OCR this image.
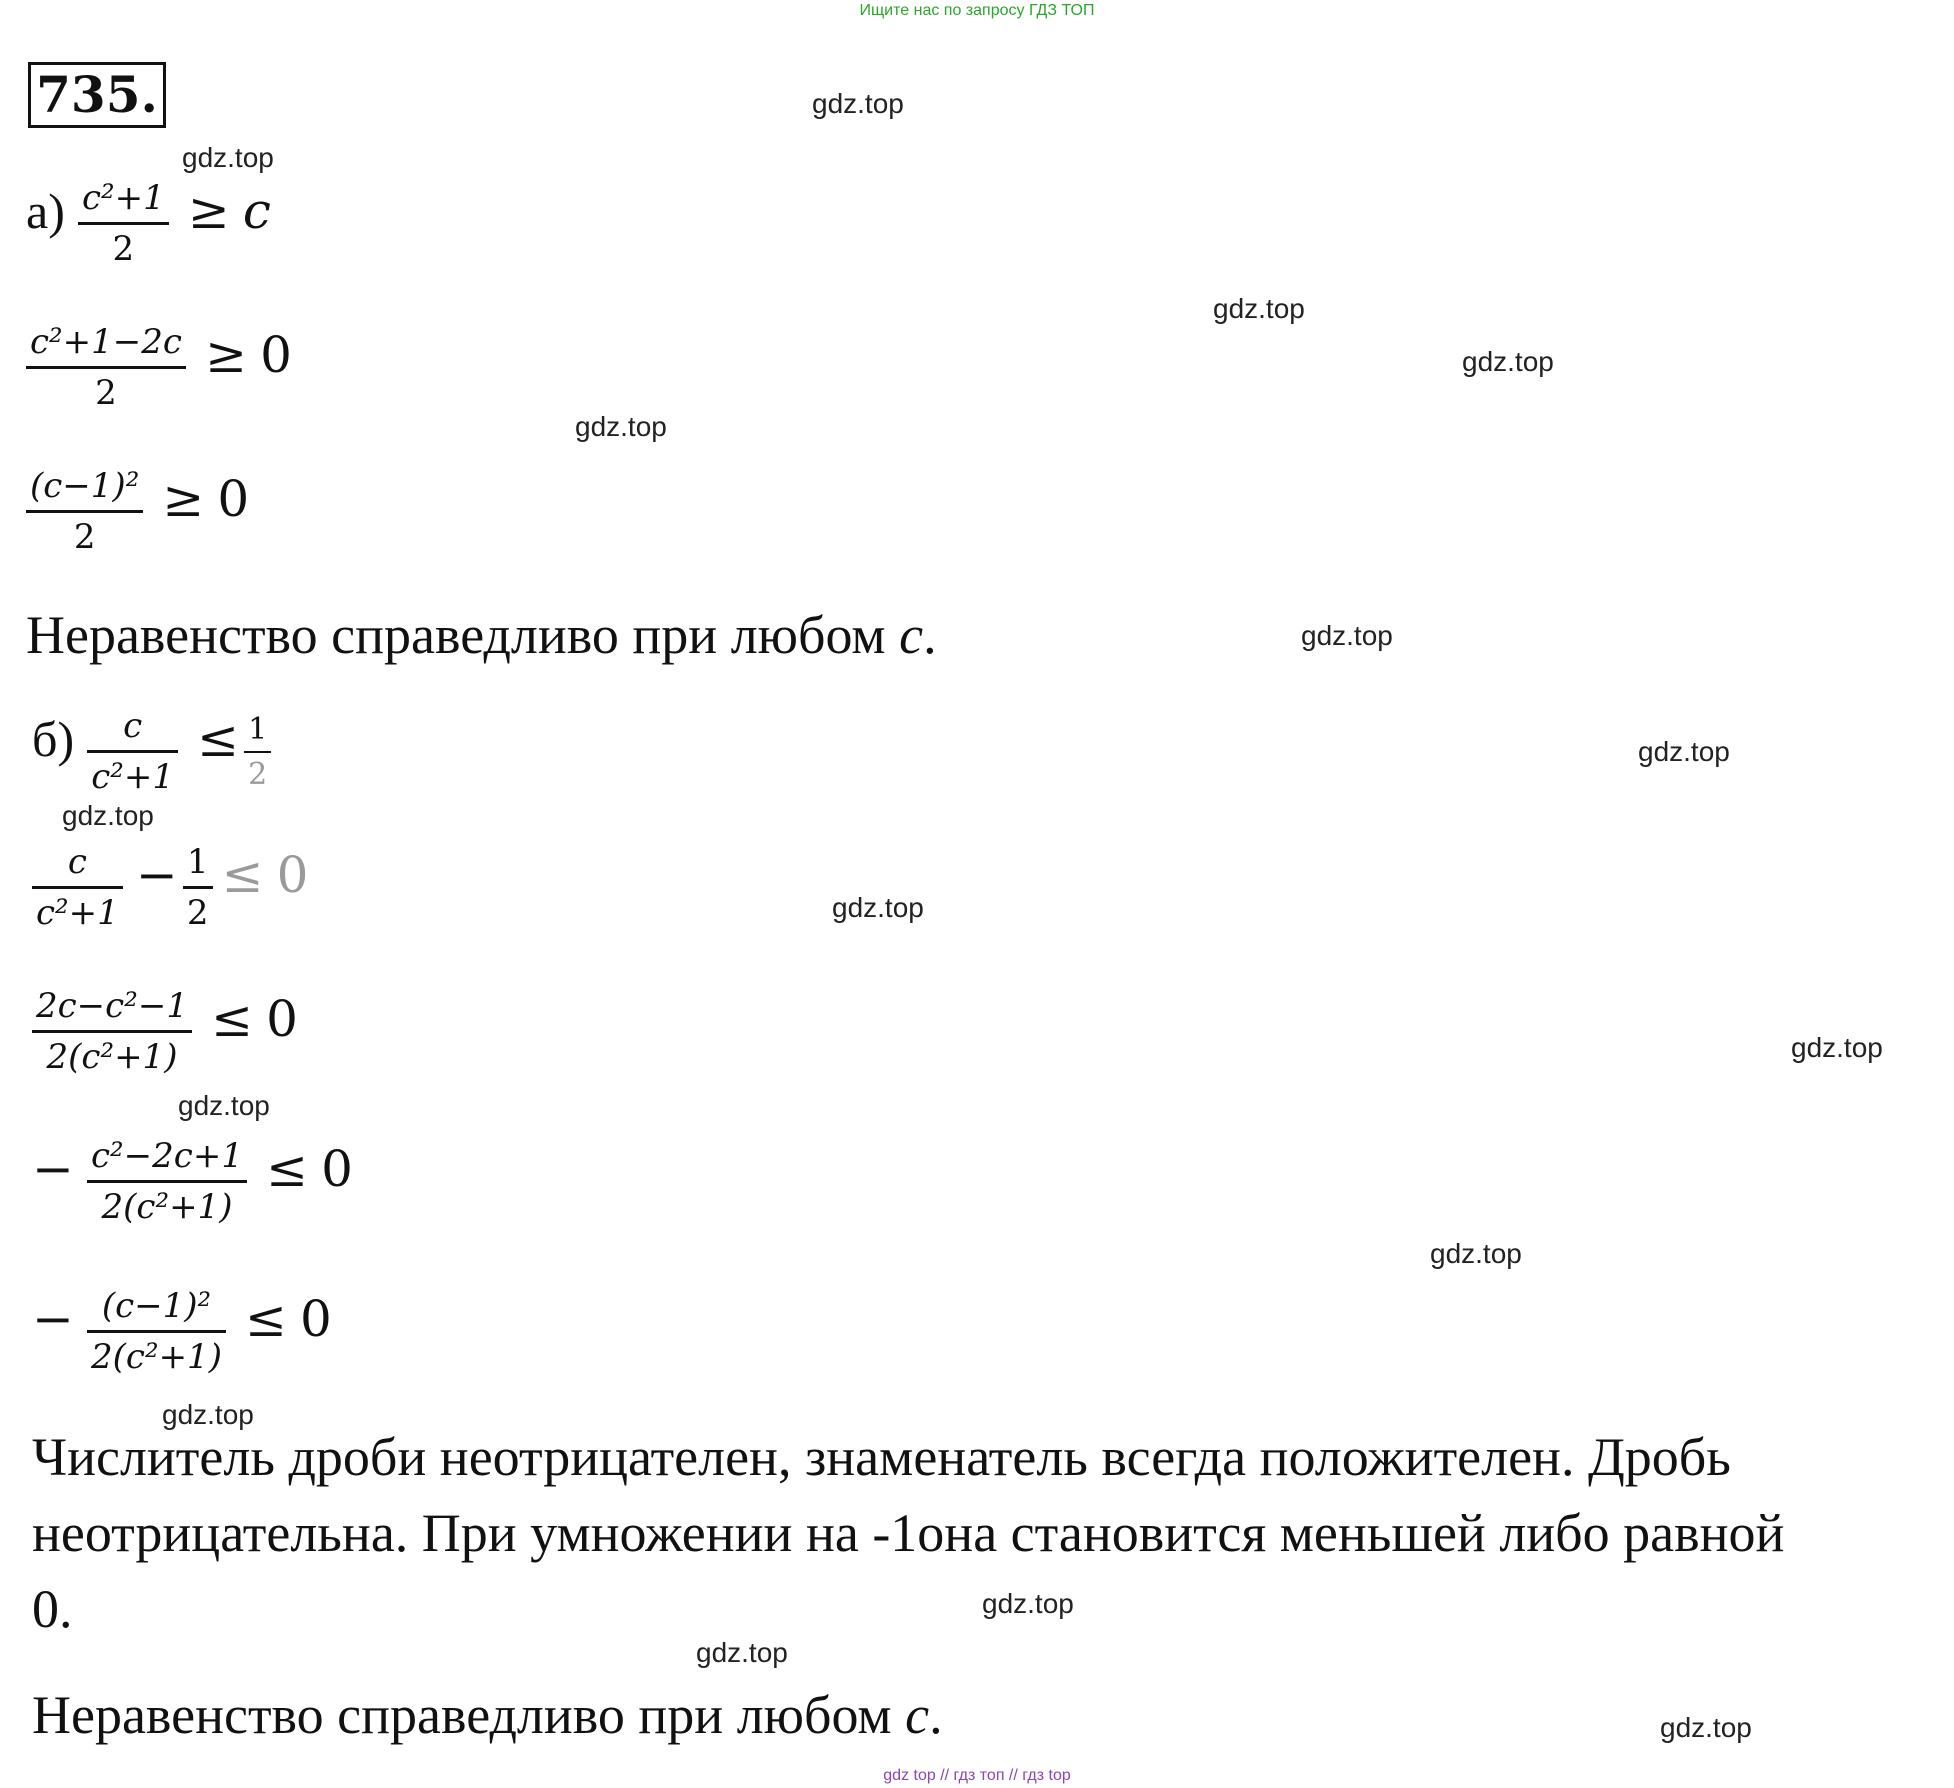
Ищите нас по запросу ГДЗ ТОП
735.	gdz.top
gdz.top
gdz.top
gdz.top
gdz.top
gdz.top
gdz.top
gdz.top
gdz.top
gdz.top
gdz.top
gdz.top
gdz.top
gdz.top
gdz.top
gdz.top
$а) \frac{\text{c²+1}}{2} \ge c$
$\frac{\text{c²+1−2c}}{2} \ge 0$
$\frac{\text{(c−1)²}}{2} \ge 0$
Неравенство справедливо при любом c.
$б) \frac{c}{\text{c²+1}} \le \frac{1}{2}$
$\frac{c}{\text{c²+1}} - \frac{1}{2} \le 0$
$\frac{\text{2c−c²−1}}{\text{2(c²+1)}} \le 0$
− $\frac{\text{c²−2c+1}}{\text{2(c²+1)}} \le 0$
− $\frac{\text{(c−1)²}}{\text{2(c²+1)}} \le 0$
Числитель дроби неотрицателен, знаменатель всегда положителен. Дробь
неотрицательна. При умножении на -1она становится меньшей либо равной
0.
Неравенство справедливо при любом c.
gdz top // гдз топ // гдз top
